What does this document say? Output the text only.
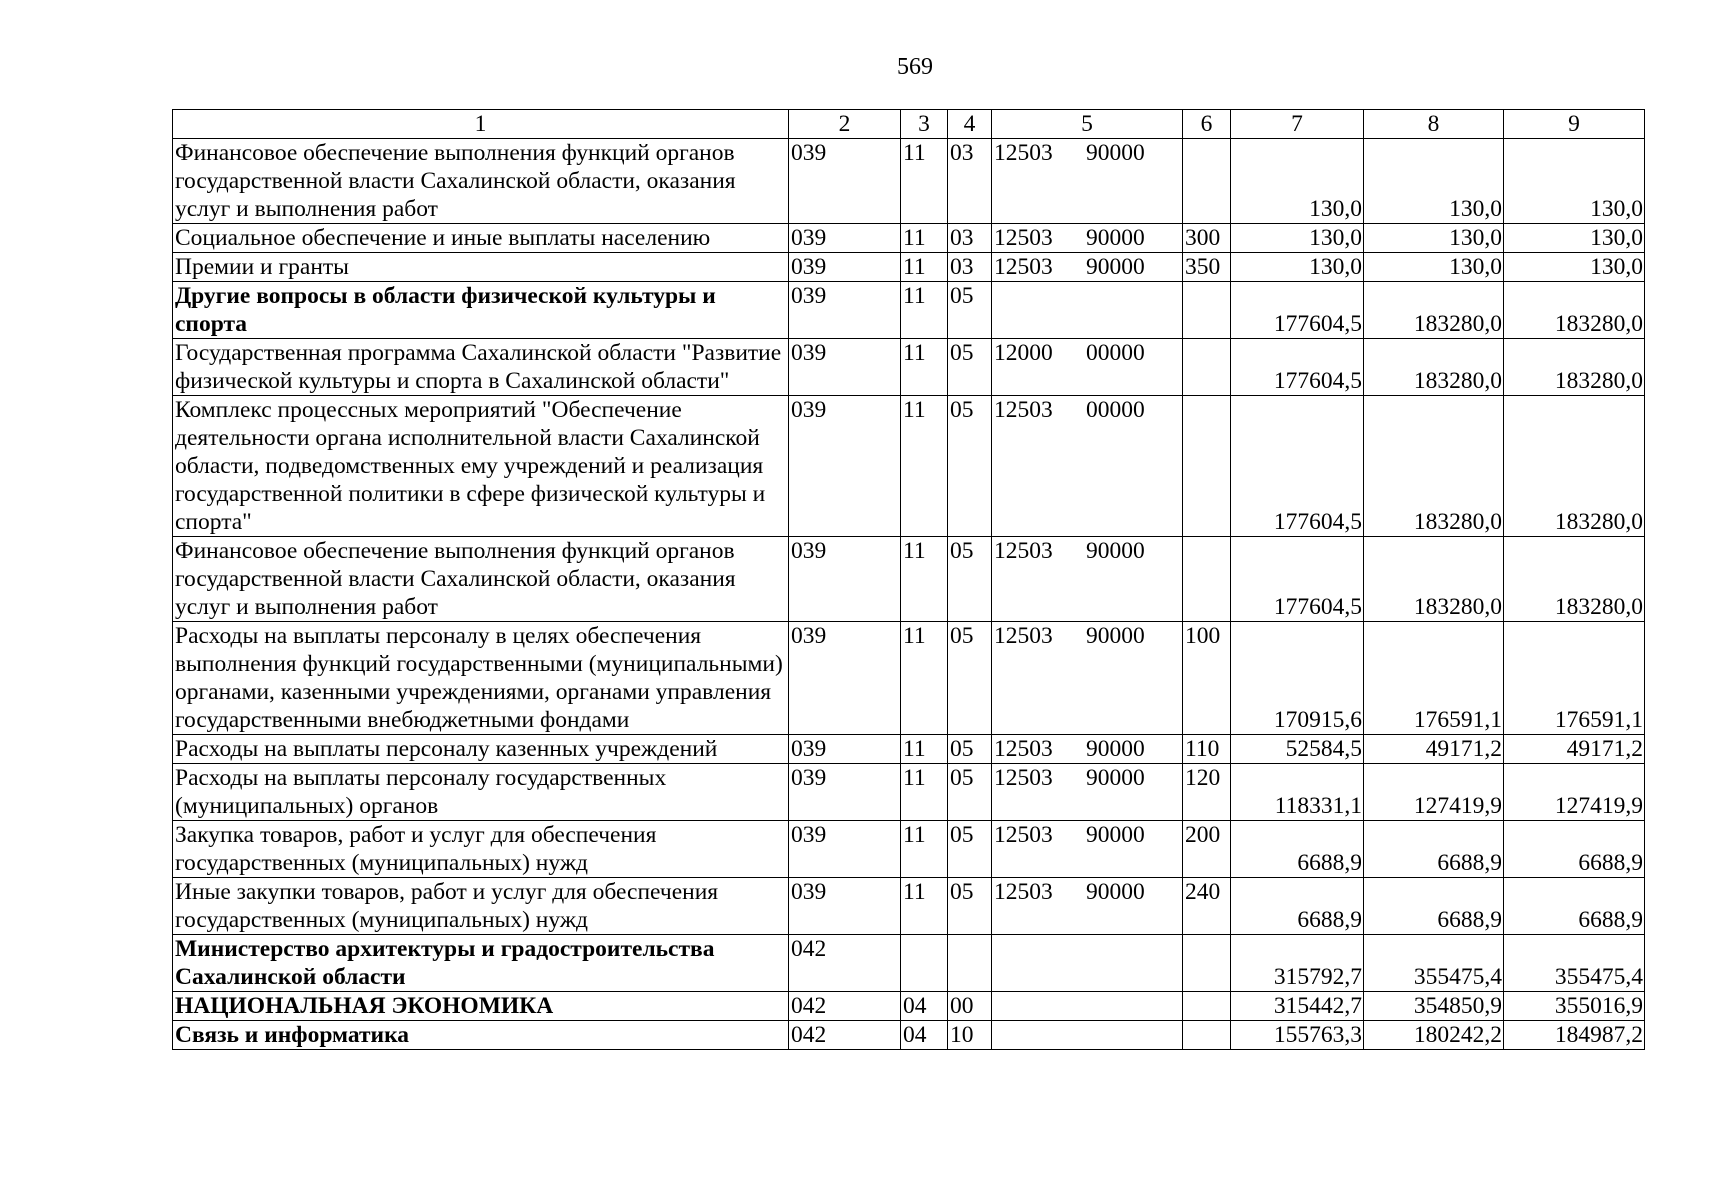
569
1	2	3	4	5	6	7	8	9
Финансовое обеспечение выполнения функций органов государственной власти Сахалинской области, оказания услуг и выполнения работ	039	11	03	12503 90000		130,0	130,0	130,0
Социальное обеспечение и иные выплаты населению	039	11	03	12503 90000	300	130,0	130,0	130,0
Премии и гранты	039	11	03	12503 90000	350	130,0	130,0	130,0
Другие вопросы в области физической культуры и спорта	039	11	05			177604,5	183280,0	183280,0
Государственная программа Сахалинской области "Развитие физической культуры и спорта в Сахалинской области"	039	11	05	12000 00000		177604,5	183280,0	183280,0
Комплекс процессных мероприятий "Обеспечение деятельности органа исполнительной власти Сахалинской области, подведомственных ему учреждений и реализация государственной политики в сфере физической культуры и спорта"	039	11	05	12503 00000		177604,5	183280,0	183280,0
Финансовое обеспечение выполнения функций органов государственной власти Сахалинской области, оказания услуг и выполнения работ	039	11	05	12503 90000		177604,5	183280,0	183280,0
Расходы на выплаты персоналу в целях обеспечения выполнения функций государственными (муниципальными) органами, казенными учреждениями, органами управления государственными внебюджетными фондами	039	11	05	12503 90000	100	170915,6	176591,1	176591,1
Расходы на выплаты персоналу казенных учреждений	039	11	05	12503 90000	110	52584,5	49171,2	49171,2
Расходы на выплаты персоналу государственных (муниципальных) органов	039	11	05	12503 90000	120	118331,1	127419,9	127419,9
Закупка товаров, работ и услуг для обеспечения государственных (муниципальных) нужд	039	11	05	12503 90000	200	6688,9	6688,9	6688,9
Иные закупки товаров, работ и услуг для обеспечения государственных (муниципальных) нужд	039	11	05	12503 90000	240	6688,9	6688,9	6688,9
Министерство архитектуры и градостроительства Сахалинской области	042					315792,7	355475,4	355475,4
НАЦИОНАЛЬНАЯ ЭКОНОМИКА	042	04	00			315442,7	354850,9	355016,9
Связь и информатика	042	04	10			155763,3	180242,2	184987,2
